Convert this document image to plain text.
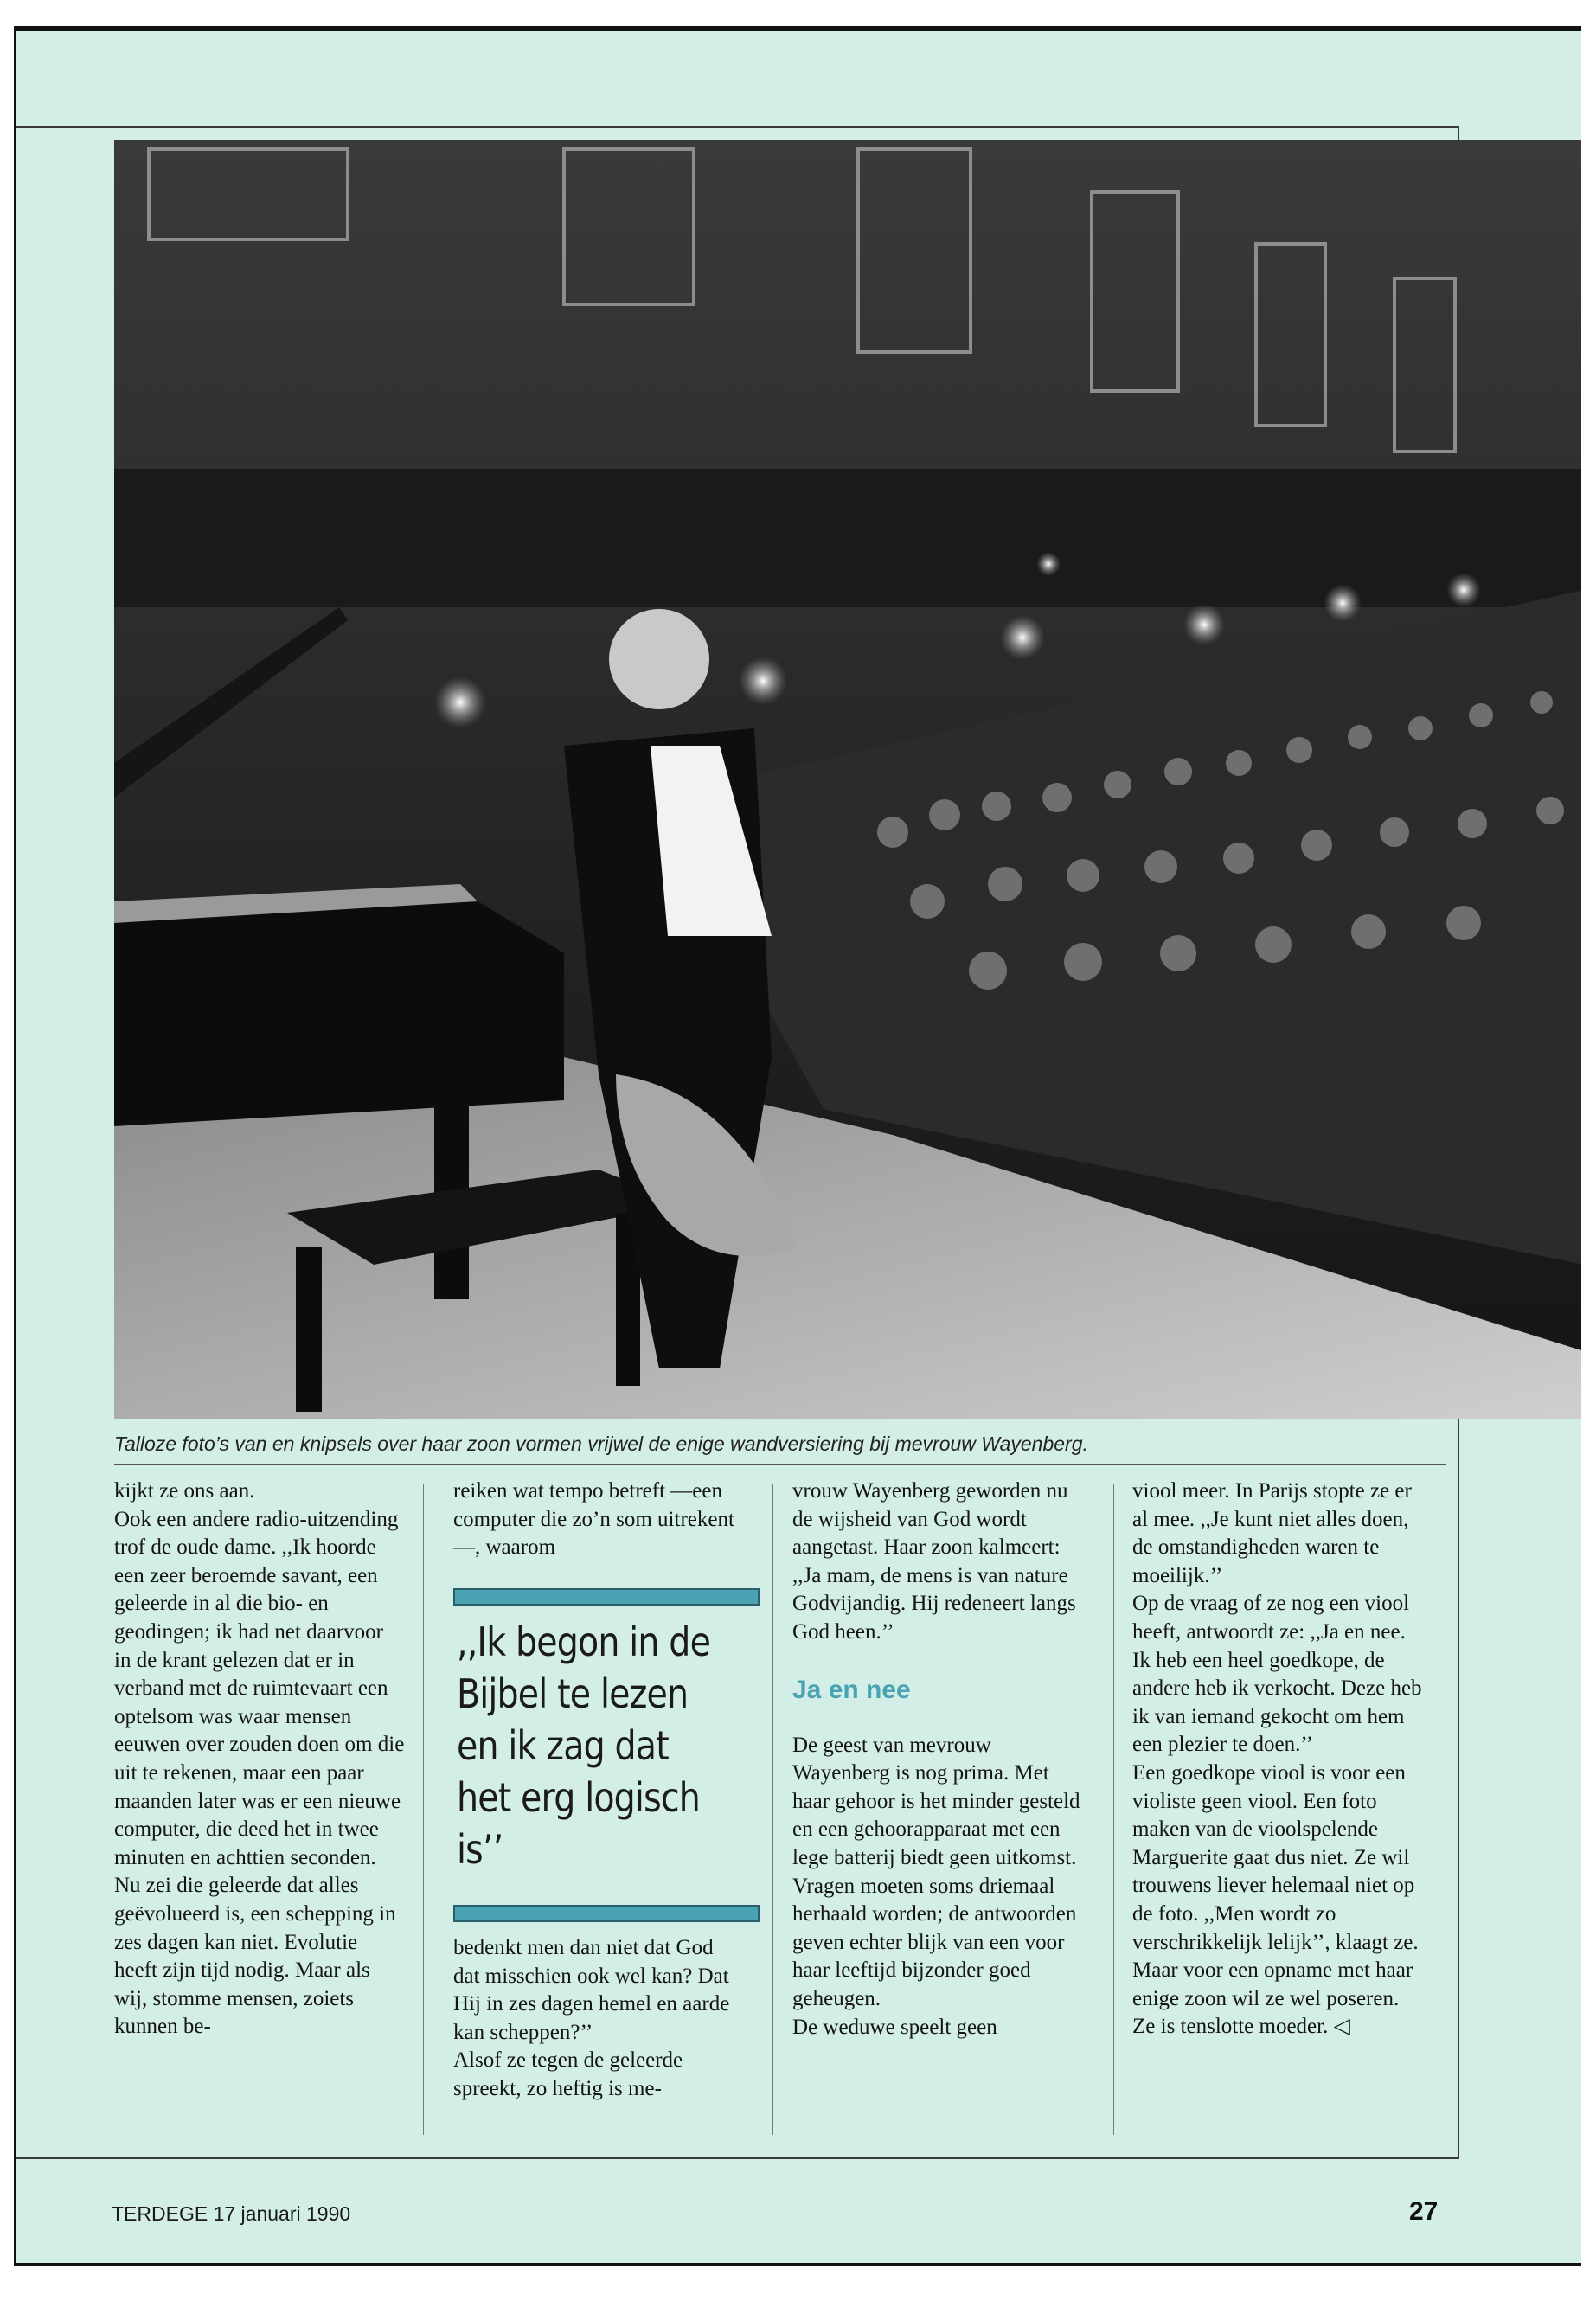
Talloze foto’s van en knipsels over haar zoon vormen vrijwel de enige wandversiering bij mevrouw Wayenberg.

kijkt ze ons aan.

Ook een andere radio-uitzending trof de oude dame. ,,Ik hoorde een zeer beroemde savant, een geleerde in al die bio- en geodingen; ik had net daarvoor in de krant gelezen dat er in verband met de ruimtevaart een optelsom was waar mensen eeuwen over zouden doen om die uit te rekenen, maar een paar maanden later was er een nieuwe computer, die deed het in twee minuten en achttien seconden. Nu zei die geleerde dat alles geëvolueerd is, een schepping in zes dagen kan niet. Evolutie heeft zijn tijd nodig. Maar als wij, stomme mensen, zoiets kunnen be-

reiken wat tempo betreft —een computer die zo’n som uitrekent—, waarom

,,Ik begon in de Bijbel te lezen en ik zag dat het erg logisch is’’

bedenkt men dan niet dat God dat misschien ook wel kan? Dat Hij in zes dagen hemel en aarde kan scheppen?’’

Alsof ze tegen de geleerde spreekt, zo heftig is me-

vrouw Wayenberg geworden nu de wijsheid van God wordt aangetast. Haar zoon kalmeert: ,,Ja mam, de mens is van nature Godvijandig. Hij redeneert langs God heen.’’

Ja en nee

De geest van mevrouw Wayenberg is nog prima. Met haar gehoor is het minder gesteld en een gehoorapparaat met een lege batterij biedt geen uitkomst. Vragen moeten soms driemaal herhaald worden; de antwoorden geven echter blijk van een voor haar leeftijd bijzonder goed geheugen.

De weduwe speelt geen

viool meer. In Parijs stopte ze er al mee. ,,Je kunt niet alles doen, de omstandigheden waren te moeilijk.’’

Op de vraag of ze nog een viool heeft, antwoordt ze: ,,Ja en nee. Ik heb een heel goedkope, de andere heb ik verkocht. Deze heb ik van iemand gekocht om hem een plezier te doen.’’

Een goedkope viool is voor een violiste geen viool. Een foto maken van de vioolspelende Marguerite gaat dus niet. Ze wil trouwens liever helemaal niet op de foto. ,,Men wordt zo verschrikkelijk lelijk’’, klaagt ze. Maar voor een opname met haar enige zoon wil ze wel poseren. Ze is tenslotte moeder. ◁

TERDEGE 17 januari 1990	27
